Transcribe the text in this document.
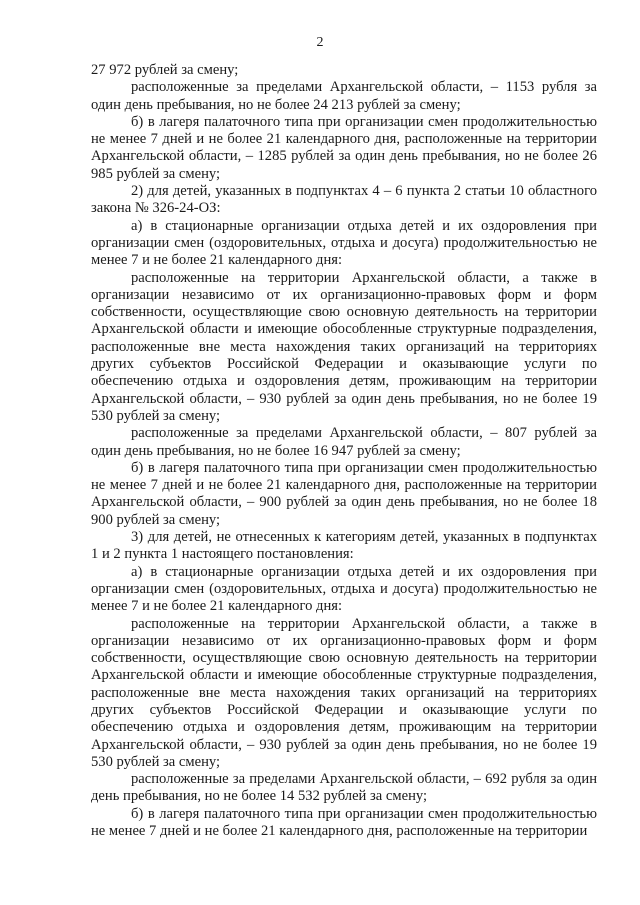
2

27 972 рублей за смену;

расположенные за пределами Архангельской области, – 1153 рубля за один день пребывания, но не более 24 213 рублей за смену;

б) в лагеря палаточного типа при организации смен продолжительностью не менее 7 дней и не более 21 календарного дня, расположенные на территории Архангельской области, – 1285 рублей за один день пребывания, но не более 26 985 рублей за смену;

2) для детей, указанных в подпунктах 4 – 6 пункта 2 статьи 10 областного закона № 326-24-ОЗ:

а) в стационарные организации отдыха детей и их оздоровления при организации смен (оздоровительных, отдыха и досуга) продолжительностью не менее 7 и не более 21 календарного дня:

расположенные на территории Архангельской области, а также в организации независимо от их организационно-правовых форм и форм собственности, осуществляющие свою основную деятельность на территории Архангельской области и имеющие обособленные структурные подразделения, расположенные вне места нахождения таких организаций на территориях других субъектов Российской Федерации и оказывающие услуги по обеспечению отдыха и оздоровления детям, проживающим на территории Архангельской области, – 930 рублей за один день пребывания, но не более 19 530 рублей за смену;

расположенные за пределами Архангельской области, – 807 рублей за один день пребывания, но не более 16 947 рублей за смену;

б) в лагеря палаточного типа при организации смен продолжительностью не менее 7 дней и не более 21 календарного дня, расположенные на территории Архангельской области, – 900 рублей за один день пребывания, но не более 18 900 рублей за смену;

3) для детей, не отнесенных к категориям детей, указанных в подпунктах 1 и 2 пункта 1 настоящего постановления:

а) в стационарные организации отдыха детей и их оздоровления при организации смен (оздоровительных, отдыха и досуга) продолжительностью не менее 7 и не более 21 календарного дня:

расположенные на территории Архангельской области, а также в организации независимо от их организационно-правовых форм и форм собственности, осуществляющие свою основную деятельность на территории Архангельской области и имеющие обособленные структурные подразделения, расположенные вне места нахождения таких организаций на территориях других субъектов Российской Федерации и оказывающие услуги по обеспечению отдыха и оздоровления детям, проживающим на территории Архангельской области, – 930 рублей за один день пребывания, но не более 19 530 рублей за смену;

расположенные за пределами Архангельской области, – 692 рубля за один день пребывания, но не более 14 532 рублей за смену;

б) в лагеря палаточного типа при организации смен продолжительностью не менее 7 дней и не более 21 календарного дня, расположенные на территории
